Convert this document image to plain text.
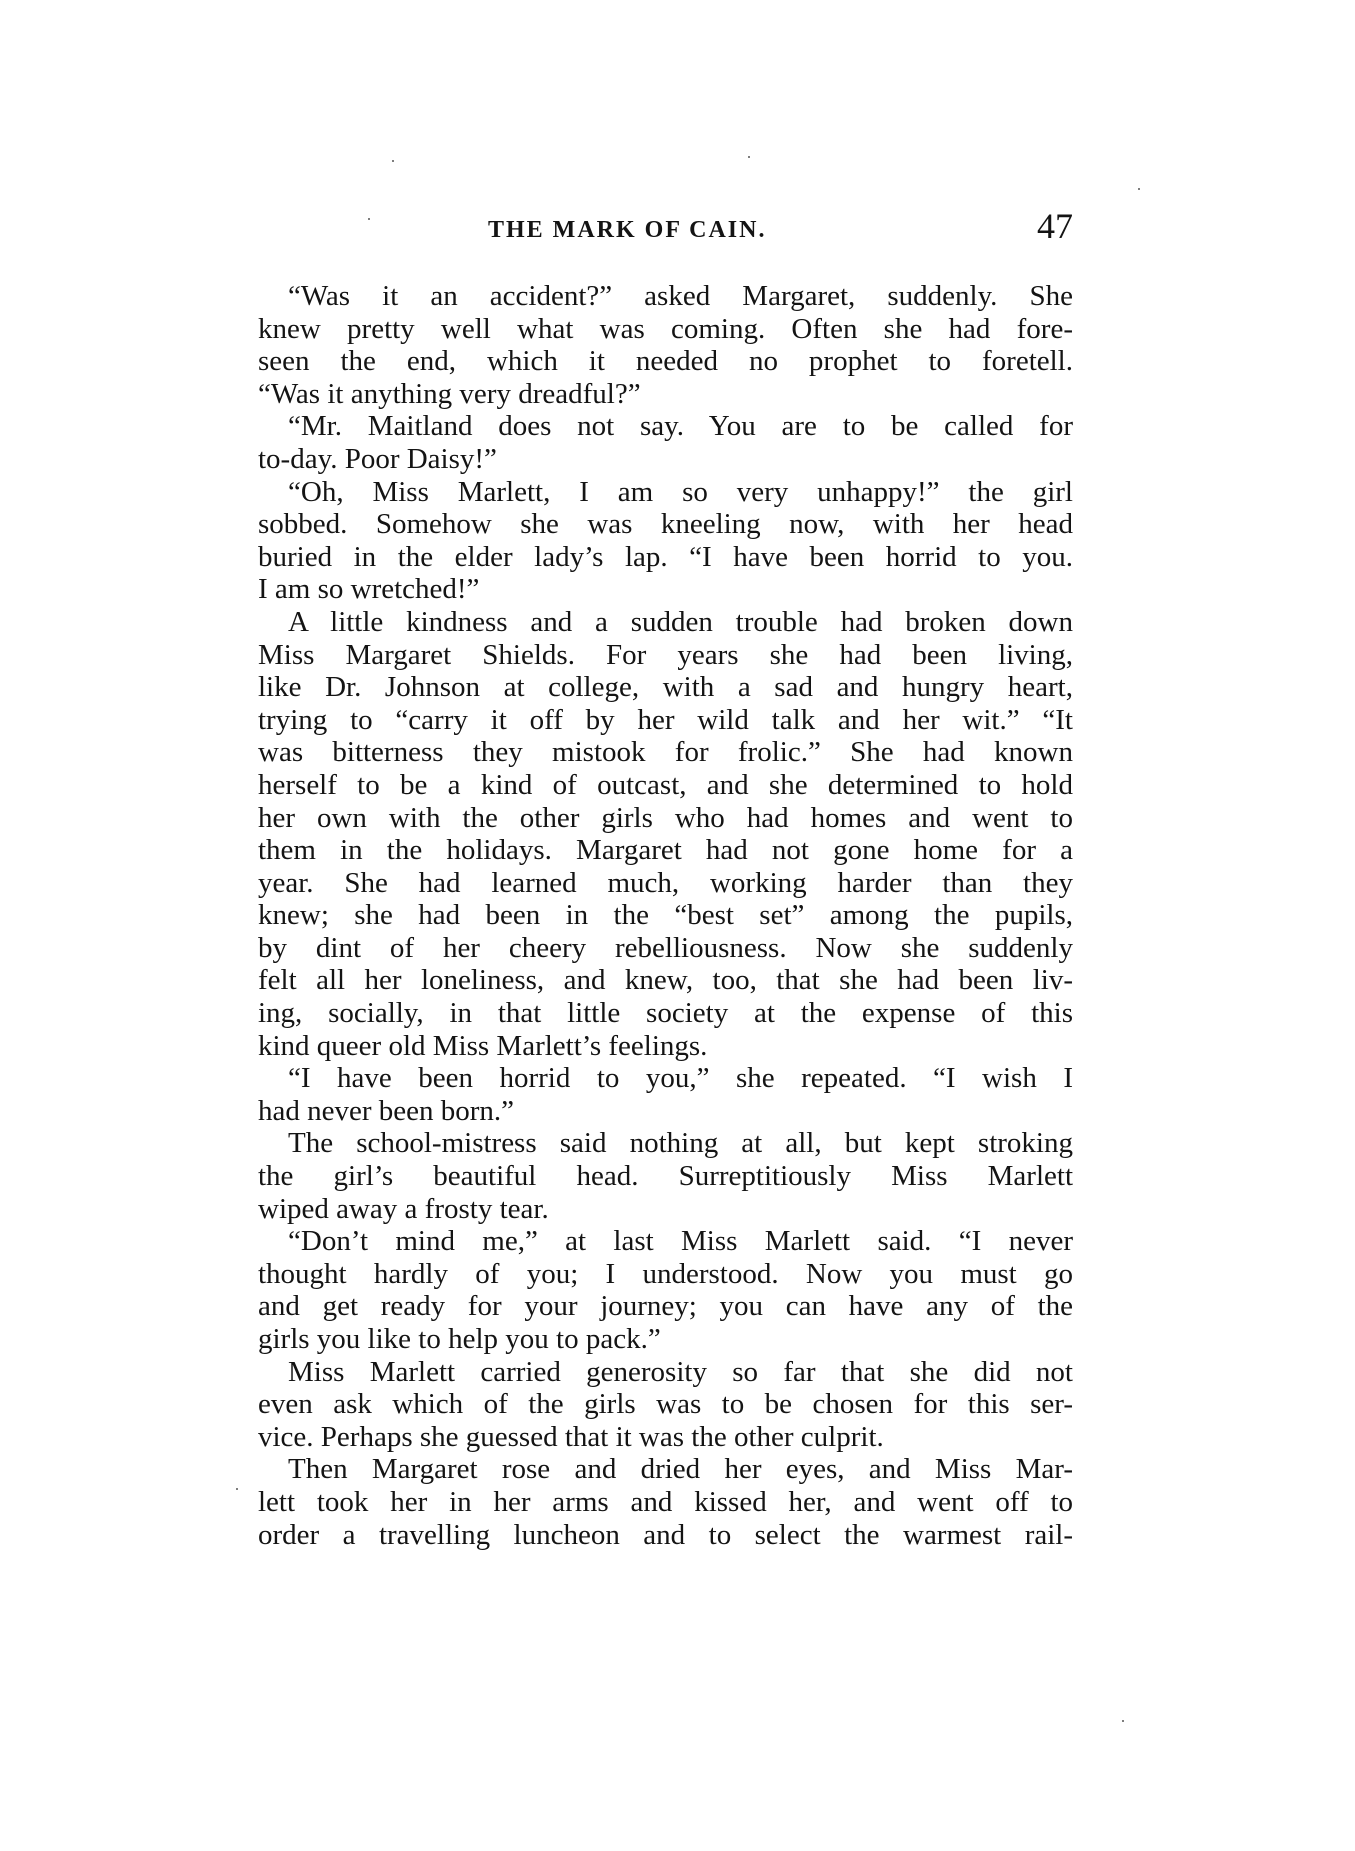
THE MARK OF CAIN.	47
“Was it an accident?” asked Margaret, suddenly. She
knew pretty well what was coming. Often she had fore-
seen the end, which it needed no prophet to foretell.
“Was it anything very dreadful?”
“Mr. Maitland does not say. You are to be called for
to-day. Poor Daisy!”
“Oh, Miss Marlett, I am so very unhappy!” the girl
sobbed. Somehow she was kneeling now, with her head
buried in the elder lady’s lap. “I have been horrid to you.
I am so wretched!”
A little kindness and a sudden trouble had broken down
Miss Margaret Shields. For years she had been living,
like Dr. Johnson at college, with a sad and hungry heart,
trying to “carry it off by her wild talk and her wit.” “It
was bitterness they mistook for frolic.” She had known
herself to be a kind of outcast, and she determined to hold
her own with the other girls who had homes and went to
them in the holidays. Margaret had not gone home for a
year. She had learned much, working harder than they
knew; she had been in the “best set” among the pupils,
by dint of her cheery rebelliousness. Now she suddenly
felt all her loneliness, and knew, too, that she had been liv-
ing, socially, in that little society at the expense of this
kind queer old Miss Marlett’s feelings.
“I have been horrid to you,” she repeated. “I wish I
had never been born.”
The school-mistress said nothing at all, but kept stroking
the girl’s beautiful head. Surreptitiously Miss Marlett
wiped away a frosty tear.
“Don’t mind me,” at last Miss Marlett said. “I never
thought hardly of you; I understood. Now you must go
and get ready for your journey; you can have any of the
girls you like to help you to pack.”
Miss Marlett carried generosity so far that she did not
even ask which of the girls was to be chosen for this ser-
vice. Perhaps she guessed that it was the other culprit.
Then Margaret rose and dried her eyes, and Miss Mar-
lett took her in her arms and kissed her, and went off to
order a travelling luncheon and to select the warmest rail-
